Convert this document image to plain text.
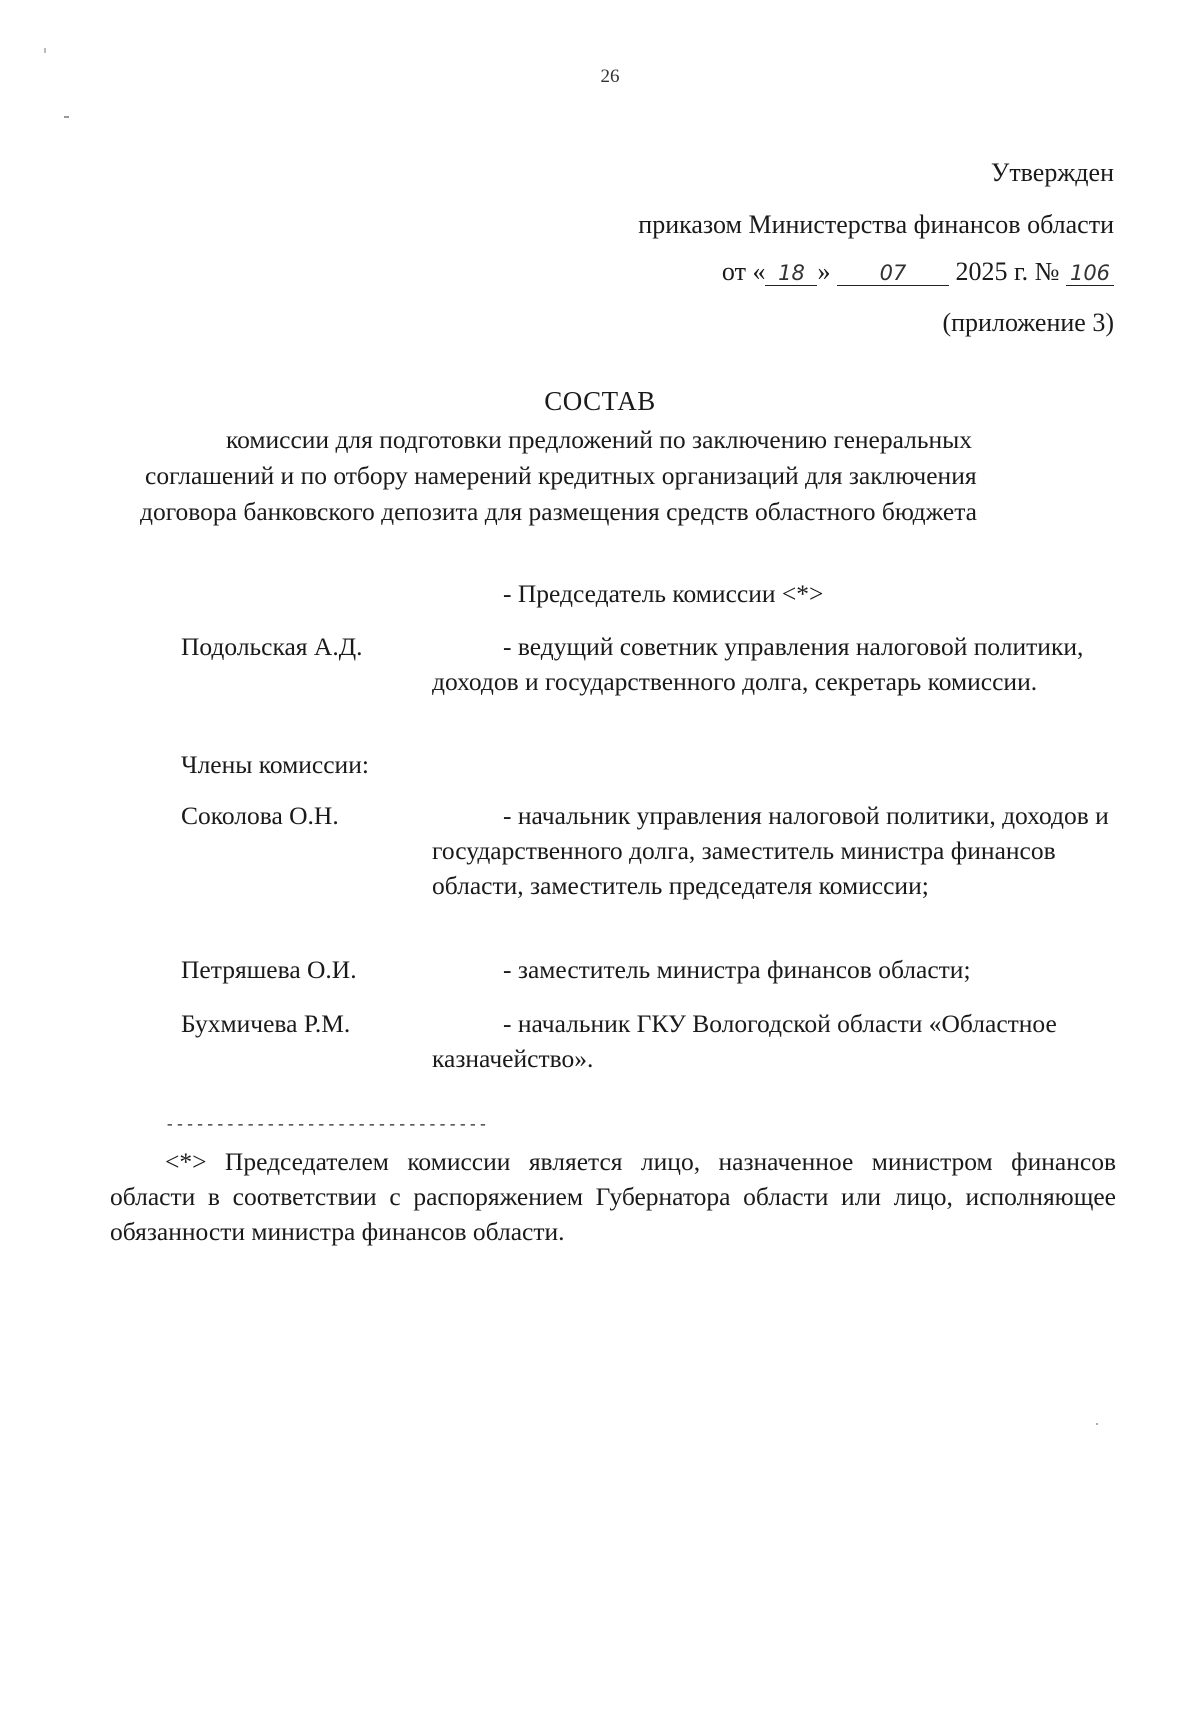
26
Утвержден
приказом Министерства финансов области
от « 18 » 07 2025 г. № 106
(приложение 3)
СОСТАВ
комиссии для подготовки предложений по заключению генеральных
соглашений и по отбору намерений кредитных организаций для заключения
договора банковского депозита для размещения средств областного бюджета
- Председатель комиссии <*>
Подольская А.Д.	- ведущий советник управления налоговой политики, доходов и государственного долга, секретарь комиссии.
Члены комиссии:
Соколова О.Н.	- начальник управления налоговой политики, доходов и государственного долга, заместитель министра финансов области, заместитель председателя комиссии;
Петряшева О.И.	- заместитель министра финансов области;
Бухмичева Р.М.	- начальник ГКУ Вологодской области «Областное казначейство».
--------------------------------
<*> Председателем комиссии является лицо, назначенное министром финансов области в соответствии с распоряжением Губернатора области или лицо, исполняющее обязанности министра финансов области.
